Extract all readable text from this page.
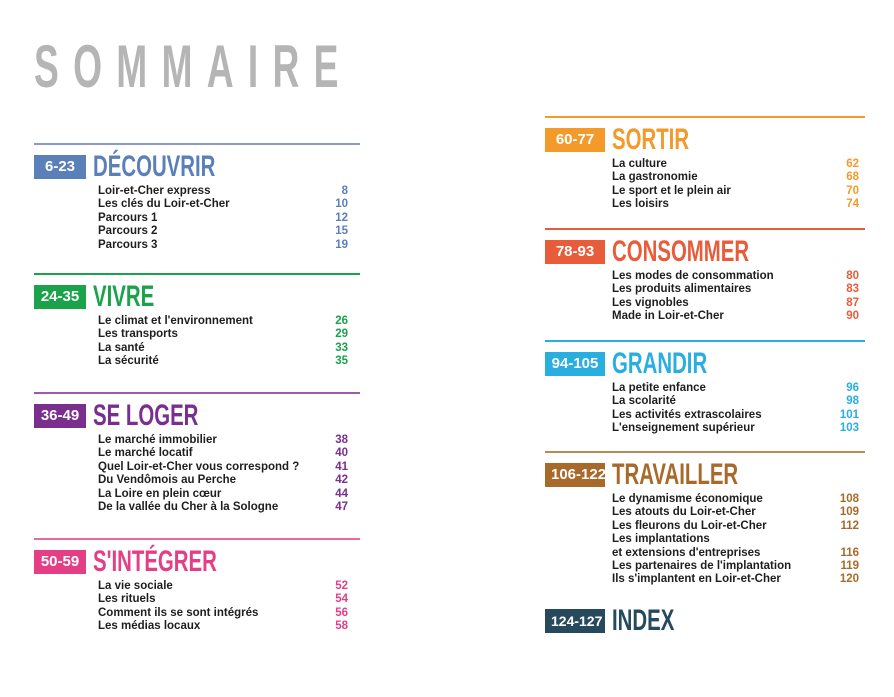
SOMMAIRE
6-23 DÉCOUVRIR
Loir-et-Cher express	8
Les clés du Loir-et-Cher	10
Parcours 1	12
Parcours 2	15
Parcours 3	19
24-35 VIVRE
Le climat et l'environnement	26
Les transports	29
La santé	33
La sécurité	35
36-49 SE LOGER
Le marché immobilier	38
Le marché locatif	40
Quel Loir-et-Cher vous correspond ?	41
Du Vendômois au Perche	42
La Loire en plein cœur	44
De la vallée du Cher à la Sologne	47
50-59 S'INTÉGRER
La vie sociale	52
Les rituels	54
Comment ils se sont intégrés	56
Les médias locaux	58
60-77 SORTIR
La culture	62
La gastronomie	68
Le sport et le plein air	70
Les loisirs	74
78-93 CONSOMMER
Les modes de consommation	80
Les produits alimentaires	83
Les vignobles	87
Made in Loir-et-Cher	90
94-105 GRANDIR
La petite enfance	96
La scolarité	98
Les activités extrascolaires	101
L'enseignement supérieur	103
106-122 TRAVAILLER
Le dynamisme économique	108
Les atouts du Loir-et-Cher	109
Les fleurons du Loir-et-Cher	112
Les implantations
et extensions d'entreprises	116
Les partenaires de l'implantation	119
Ils s'implantent en Loir-et-Cher	120
124-127 INDEX
